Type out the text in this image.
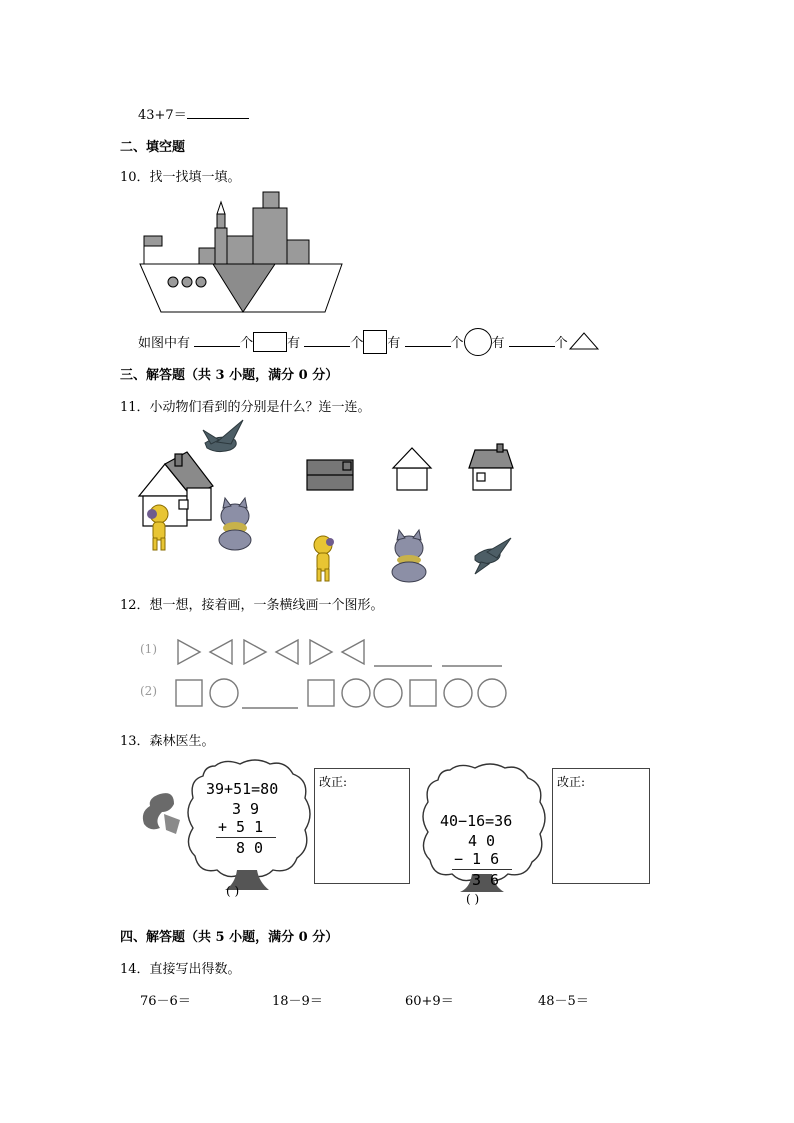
43+7＝
二、填空题
10．找一找填一填。
如图中有	个	有	个 有	个 有	个
三、解答题（共 3 小题，满分 0 分）
11．小动物们看到的分别是什么？连一连。
12．想一想，接着画，一条横线画一个图形。
(1)
(2)
13．森林医生。
39+51=80
3 9
+ 5 1
8 0
( )
改正:
40−16=36
4 0
− 1 6
3 6
( )
改正:
四、解答题（共 5 小题，满分 0 分）
14．直接写出得数。
76－6＝	18－9＝	60+9＝	48－5＝
